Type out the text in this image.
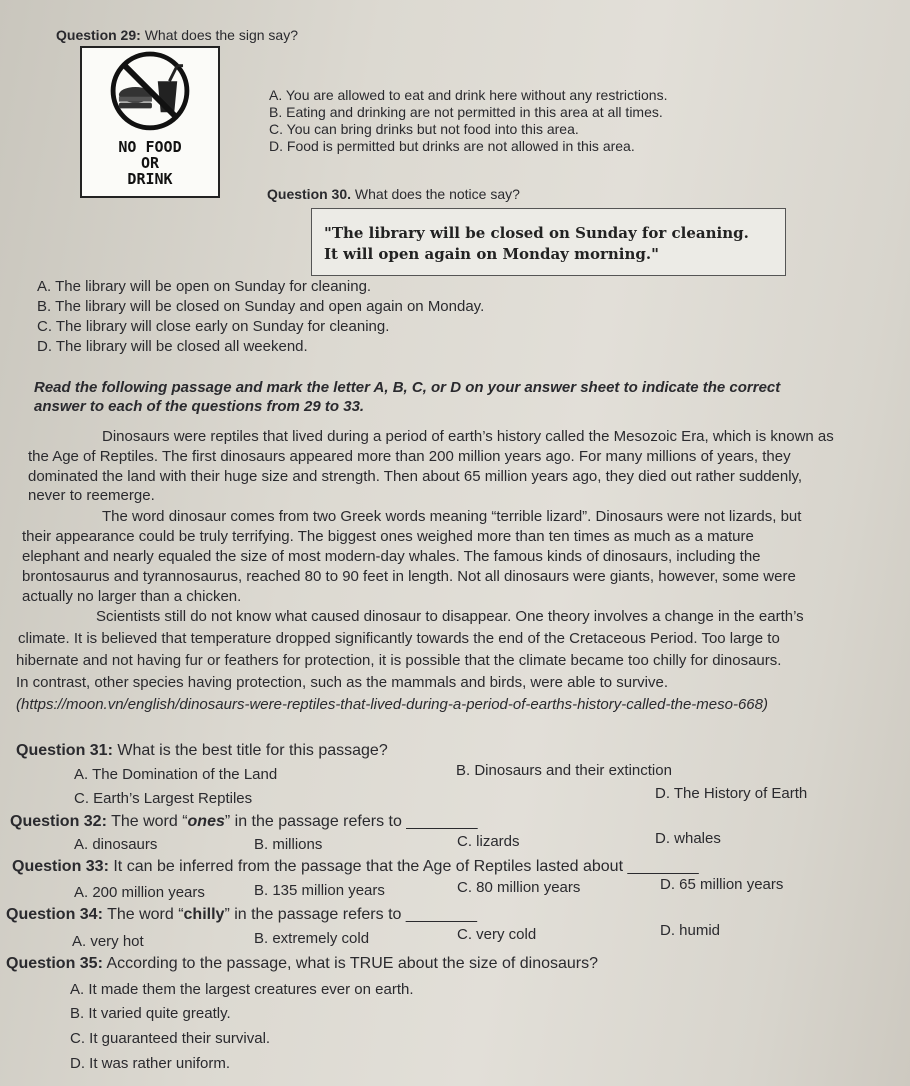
Question 29: What does the sign say?
NO FOOD
OR
DRINK
A. You are allowed to eat and drink here without any restrictions.
B. Eating and drinking are not permitted in this area at all times.
C. You can bring drinks but not food into this area.
D. Food is permitted but drinks are not allowed in this area.
Question 30. What does the notice say?
"The library will be closed on Sunday for cleaning.
It will open again on Monday morning."
A. The library will be open on Sunday for cleaning.
B. The library will be closed on Sunday and open again on Monday.
C. The library will close early on Sunday for cleaning.
D. The library will be closed all weekend.
Read the following passage and mark the letter A, B, C, or D on your answer sheet to indicate the correct
answer to each of the questions from 29 to 33.
Dinosaurs were reptiles that lived during a period of earth’s history called the Mesozoic Era, which is known as
the Age of Reptiles. The first dinosaurs appeared more than 200 million years ago. For many millions of years, they
dominated the land with their huge size and strength. Then about 65 million years ago, they died out rather suddenly,
never to reemerge.
The word dinosaur comes from two Greek words meaning “terrible lizard”. Dinosaurs were not lizards, but
their appearance could be truly terrifying. The biggest ones weighed more than ten times as much as a mature
elephant and nearly equaled the size of most modern-day whales. The famous kinds of dinosaurs, including the
brontosaurus and tyrannosaurus, reached 80 to 90 feet in length. Not all dinosaurs were giants, however, some were
actually no larger than a chicken.
Scientists still do not know what caused dinosaur to disappear. One theory involves a change in the earth’s
climate. It is believed that temperature dropped significantly towards the end of the Cretaceous Period. Too large to
hibernate and not having fur or feathers for protection, it is possible that the climate became too chilly for dinosaurs.
In contrast, other species having protection, such as the mammals and birds, were able to survive.
(https://moon.vn/english/dinosaurs-were-reptiles-that-lived-during-a-period-of-earths-history-called-the-meso-668)
Question 31: What is the best title for this passage?
A. The Domination of the Land	B. Dinosaurs and their extinction
C. Earth’s Largest Reptiles	D. The History of Earth
Question 32: The word “ones” in the passage refers to ________
A. dinosaurs	B. millions	C. lizards	D. whales
Question 33: It can be inferred from the passage that the Age of Reptiles lasted about ________
A. 200 million years	B. 135 million years	C. 80 million years	D. 65 million years
Question 34: The word “chilly” in the passage refers to ________
A. very hot	B. extremely cold	C. very cold	D. humid
Question 35: According to the passage, what is TRUE about the size of dinosaurs?
A. It made them the largest creatures ever on earth.
B. It varied quite greatly.
C. It guaranteed their survival.
D. It was rather uniform.
